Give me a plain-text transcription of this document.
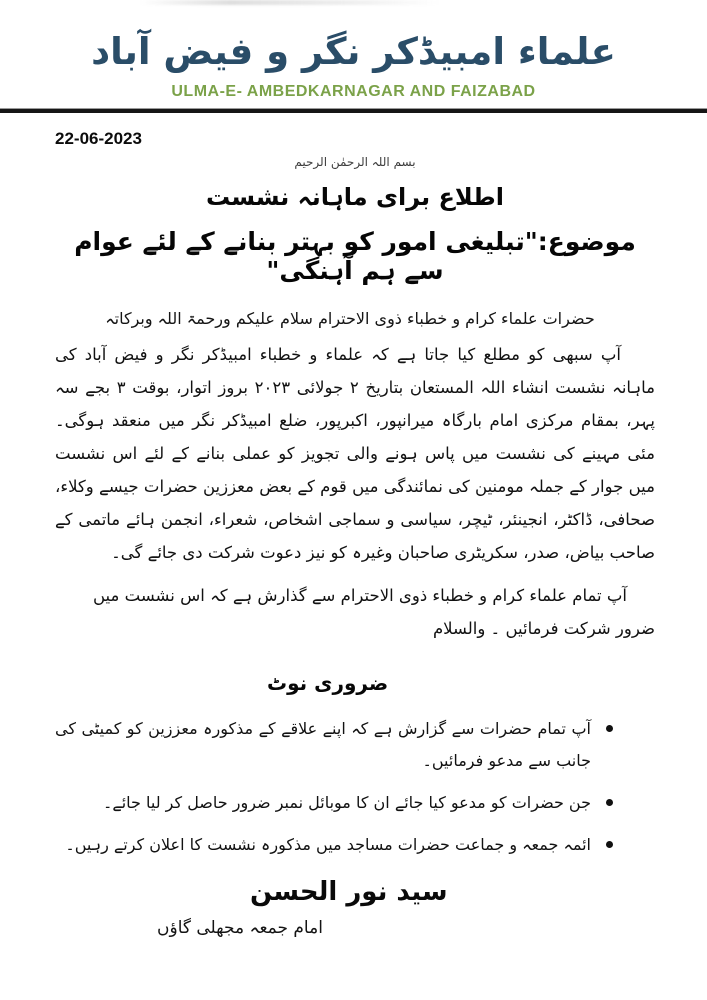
علماء امبیڈکر نگر و فیض آباد
ULMA-E- AMBEDKARNAGAR AND FAIZABAD
22-06-2023
بسم اللہ الرحمٰن الرحیم
اطلاع برای ماہانہ نشست
موضوع:"تبلیغی امور کو بہتر بنانے کے لئے عوام سے ہم آہنگی"
حضرات علماء کرام و خطباء ذوی الاحترام سلام علیکم ورحمۃ اللہ وبرکاتہ
آپ سبھی کو مطلع کیا جاتا ہے کہ علماء و خطباء امبیڈکر نگر و فیض آباد کی ماہانہ نشست انشاء اللہ المستعان بتاریخ ۲ جولائی ۲۰۲۳ بروز اتوار، بوقت ۳ بجے سہ پہر، بمقام مرکزی امام بارگاہ میرانپور، اکبرپور، ضلع امبیڈکر نگر میں منعقد ہوگی۔ مئی مہینے کی نشست میں پاس ہونے والی تجویز کو عملی بنانے کے لئے اس نشست میں جوار کے جملہ مومنین کی نمائندگی میں قوم کے بعض معززین حضرات جیسے وکلاء، صحافی، ڈاکٹر، انجینئر، ٹیچر، سیاسی و سماجی اشخاص، شعراء، انجمن ہائے ماتمی کے صاحب بیاض، صدر، سکریٹری صاحبان وغیرہ کو نیز دعوت شرکت دی جائے گی۔
آپ تمام علماء کرام و خطباء ذوی الاحترام سے گذارش ہے کہ اس نشست میں ضرور شرکت فرمائیں ۔ والسلام
ضروری نوٹ
آپ تمام حضرات سے گزارش ہے کہ اپنے علاقے کے مذکورہ معززین کو کمیٹی کی جانب سے مدعو فرمائیں۔
جن حضرات کو مدعو کیا جائے ان کا موبائل نمبر ضرور حاصل کر لیا جائے۔
ائمہ جمعہ و جماعت حضرات مساجد میں مذکورہ نشست کا اعلان کرتے رہیں۔
سید نور الحسن
امام جمعہ مجھلی گاؤں
